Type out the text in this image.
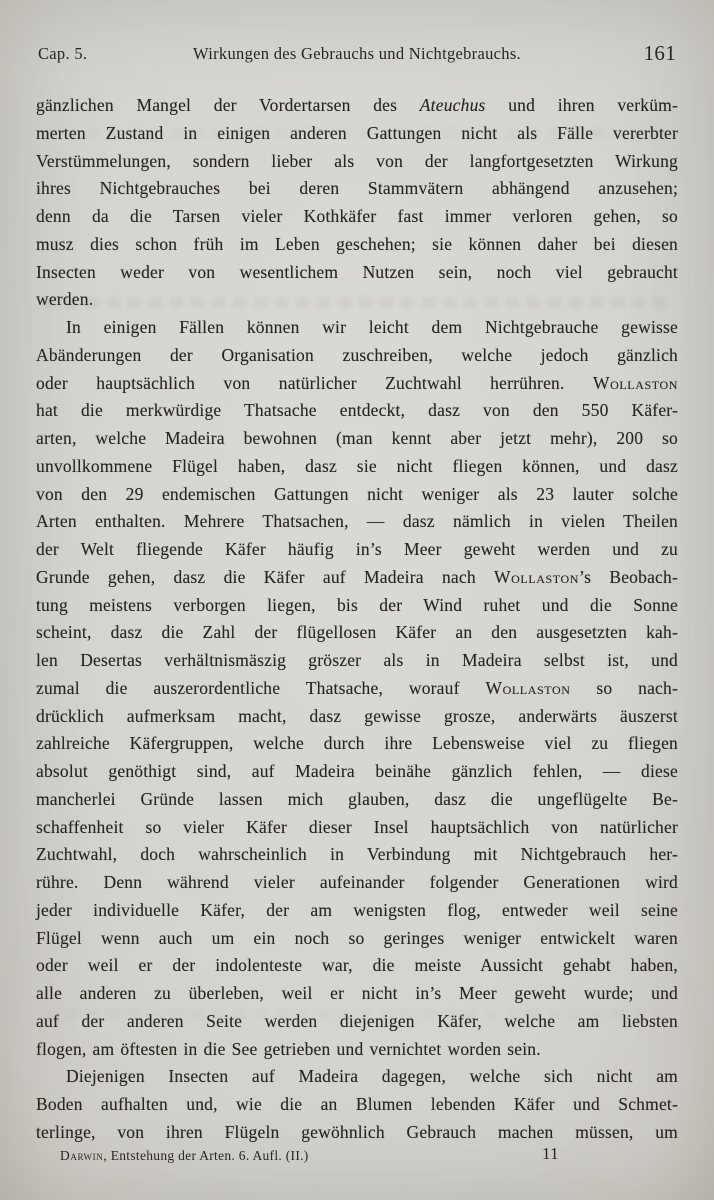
Cap. 5.	Wirkungen des Gebrauchs und Nichtgebrauchs.	161
gänzlichen Mangel der Vordertarsen des Ateuchus und ihren verküm-
merten Zustand in einigen anderen Gattungen nicht als Fälle vererbter
Verstümmelungen, sondern lieber als von der langfortgesetzten Wirkung
ihres Nichtgebrauches bei deren Stammvätern abhängend anzusehen;
denn da die Tarsen vieler Kothkäfer fast immer verloren gehen, so
musz dies schon früh im Leben geschehen; sie können daher bei diesen
Insecten weder von wesentlichem Nutzen sein, noch viel gebraucht
werden.
In einigen Fällen können wir leicht dem Nichtgebrauche gewisse
Abänderungen der Organisation zuschreiben, welche jedoch gänzlich
oder hauptsächlich von natürlicher Zuchtwahl herrühren. Wollaston
hat die merkwürdige Thatsache entdeckt, dasz von den 550 Käfer-
arten, welche Madeira bewohnen (man kennt aber jetzt mehr), 200 so
unvollkommene Flügel haben, dasz sie nicht fliegen können, und dasz
von den 29 endemischen Gattungen nicht weniger als 23 lauter solche
Arten enthalten. Mehrere Thatsachen, — dasz nämlich in vielen Theilen
der Welt fliegende Käfer häufig in’s Meer geweht werden und zu
Grunde gehen, dasz die Käfer auf Madeira nach Wollaston’s Beobach-
tung meistens verborgen liegen, bis der Wind ruhet und die Sonne
scheint, dasz die Zahl der flügellosen Käfer an den ausgesetzten kah-
len Desertas verhältnismäszig gröszer als in Madeira selbst ist, und
zumal die auszerordentliche Thatsache, worauf Wollaston so nach-
drücklich aufmerksam macht, dasz gewisse grosze, anderwärts äuszerst
zahlreiche Käfergruppen, welche durch ihre Lebensweise viel zu fliegen
absolut genöthigt sind, auf Madeira beinähe gänzlich fehlen, — diese
mancherlei Gründe lassen mich glauben, dasz die ungeflügelte Be-
schaffenheit so vieler Käfer dieser Insel hauptsächlich von natürlicher
Zuchtwahl, doch wahrscheinlich in Verbindung mit Nichtgebrauch her-
rühre. Denn während vieler aufeinander folgender Generationen wird
jeder individuelle Käfer, der am wenigsten flog, entweder weil seine
Flügel wenn auch um ein noch so geringes weniger entwickelt waren
oder weil er der indolenteste war, die meiste Aussicht gehabt haben,
alle anderen zu überleben, weil er nicht in’s Meer geweht wurde; und
auf der anderen Seite werden diejenigen Käfer, welche am liebsten
flogen, am öftesten in die See getrieben und vernichtet worden sein.
Diejenigen Insecten auf Madeira dagegen, welche sich nicht am
Boden aufhalten und, wie die an Blumen lebenden Käfer und Schmet-
terlinge, von ihren Flügeln gewöhnlich Gebrauch machen müssen, um
Darwin, Entstehung der Arten. 6. Aufl. (II.)	11
